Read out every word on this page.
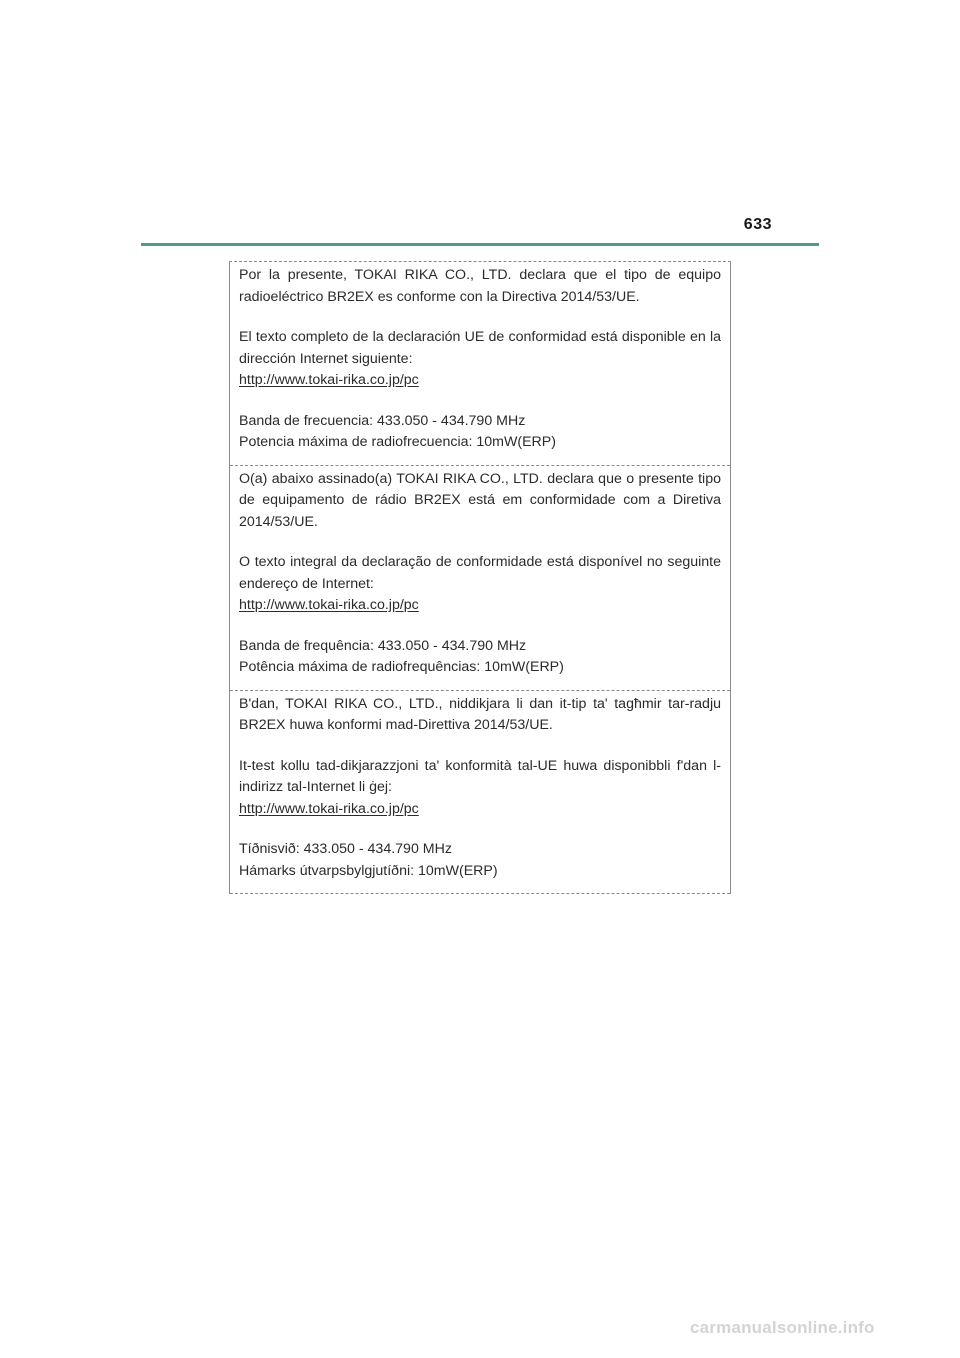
633

Por la presente, TOKAI RIKA CO., LTD. declara que el tipo de equipo radioeléctrico BR2EX es conforme con la Directiva 2014/53/UE.

El texto completo de la declaración UE de conformidad está disponible en la dirección Internet siguiente:

http://www.tokai-rika.co.jp/pc

Banda de frecuencia: 433.050 - 434.790 MHz

Potencia máxima de radiofrecuencia: 10mW(ERP)

O(a) abaixo assinado(a) TOKAI RIKA CO., LTD. declara que o presente tipo de equipamento de rádio BR2EX está em conformidade com a Diretiva 2014/53/UE.

O texto integral da declaração de conformidade está disponível no seguinte endereço de Internet:

http://www.tokai-rika.co.jp/pc

Banda de frequência: 433.050 - 434.790 MHz

Potência máxima de radiofrequências: 10mW(ERP)

B'dan, TOKAI RIKA CO., LTD., niddikjara li dan it-tip ta' tagħmir tar-radju BR2EX huwa konformi mad-Direttiva 2014/53/UE.

It-test kollu tad-dikjarazzjoni ta' konformità tal-UE huwa disponibbli f'dan l-indirizz tal-Internet li ġej:

http://www.tokai-rika.co.jp/pc

Tíðnisvið: 433.050 - 434.790 MHz

Hámarks útvarpsbylgjutíðni: 10mW(ERP)

carmanualsonline.info
